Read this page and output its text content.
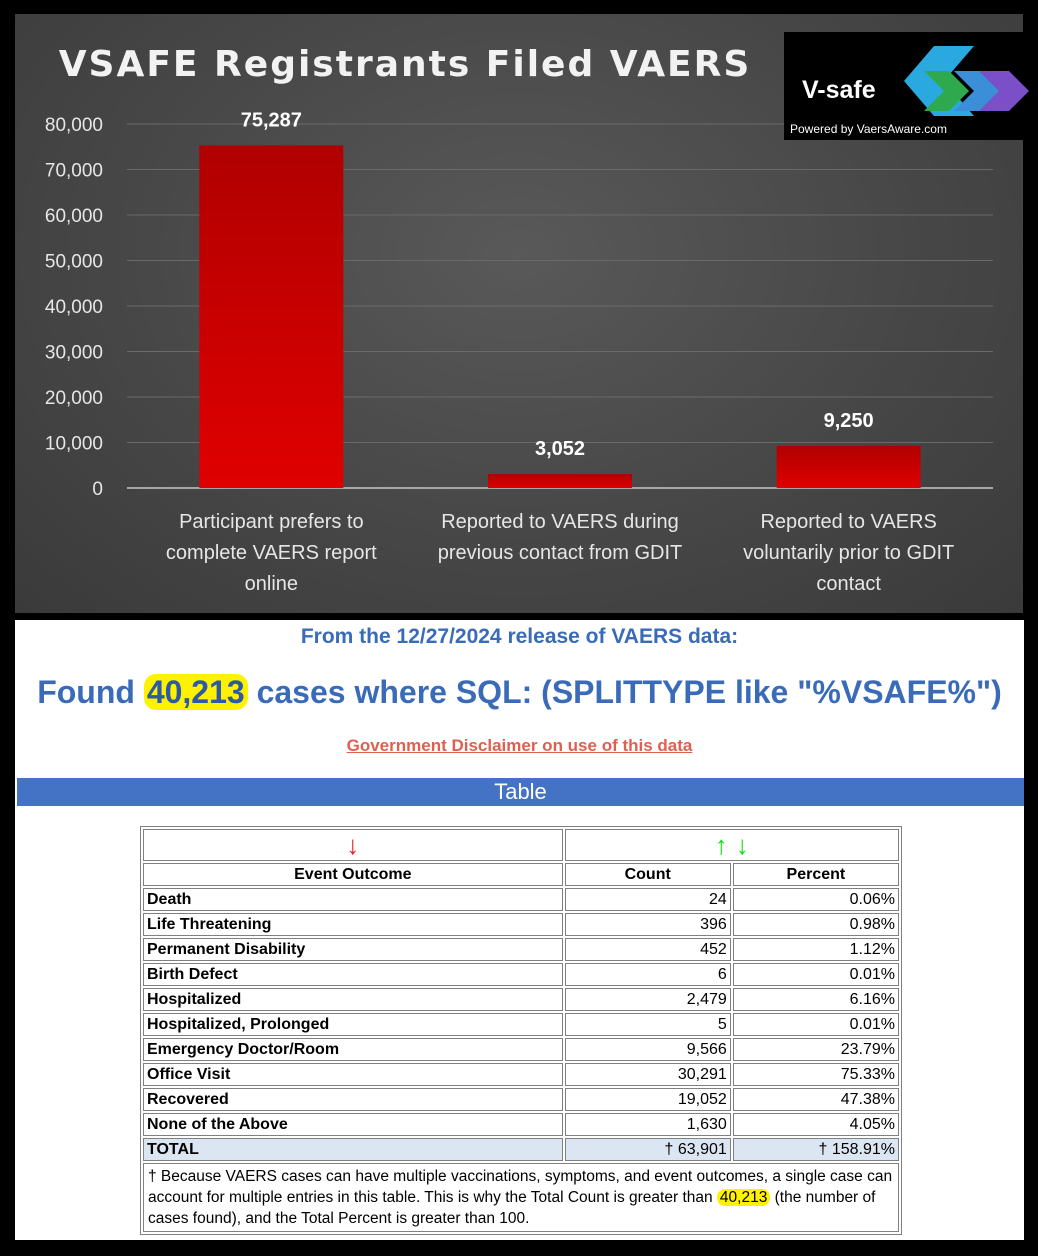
VSAFE Registrants Filed VAERS
0
10,000
20,000
30,000
40,000
50,000
60,000
70,000
80,000	75,287
Participant prefers to
complete VAERS report
online
3,052
Reported to VAERS during
previous contact from GDIT
9,250
Reported to VAERS
voluntarily prior to GDIT
contact
V-safe
Powered by VaersAware.com
From the 12/27/2024 release of VAERS data:
Found 40,213 cases where SQL: (SPLITTYPE like "%VSAFE%")
Government Disclaimer on use of this data
Table
↓	↑ ↓	
Event Outcome	Count	Percent
Death	24	0.06%
Life Threatening	396	0.98%
Permanent Disability	452	1.12%
Birth Defect	6	0.01%
Hospitalized	2,479	6.16%
Hospitalized, Prolonged	5	0.01%
Emergency Doctor/Room	9,566	23.79%
Office Visit	30,291	75.33%
Recovered	19,052	47.38%
None of the Above	1,630	4.05%
TOTAL	† 63,901	† 158.91%
† Because VAERS cases can have multiple vaccinations, symptoms, and event outcomes, a single case can account for multiple entries in this table. This is why the Total Count is greater than 40,213 (the number of cases found), and the Total Percent is greater than 100.		
